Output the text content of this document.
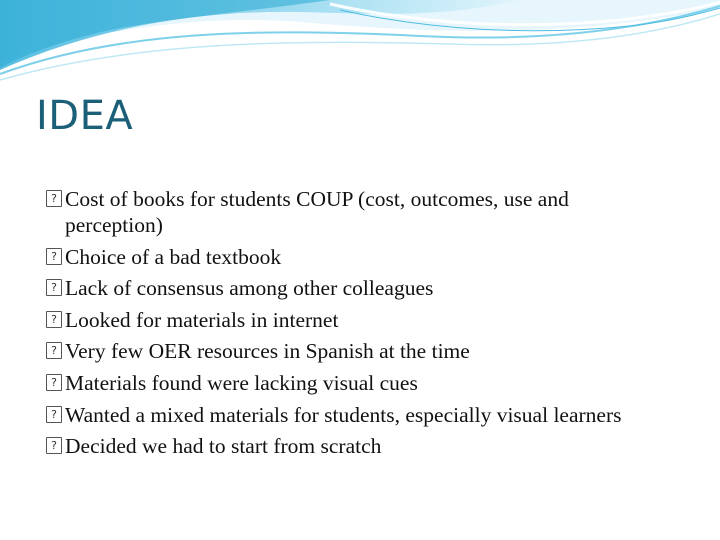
IDEA
? Cost of books for students COUP (cost, outcomes, use and perception)
? Choice of a bad textbook
? Lack of consensus among other colleagues
? Looked for materials in internet
? Very few OER resources in Spanish at the time
? Materials found were lacking visual cues
? Wanted a mixed materials for students, especially visual learners
? Decided we had to start from scratch
